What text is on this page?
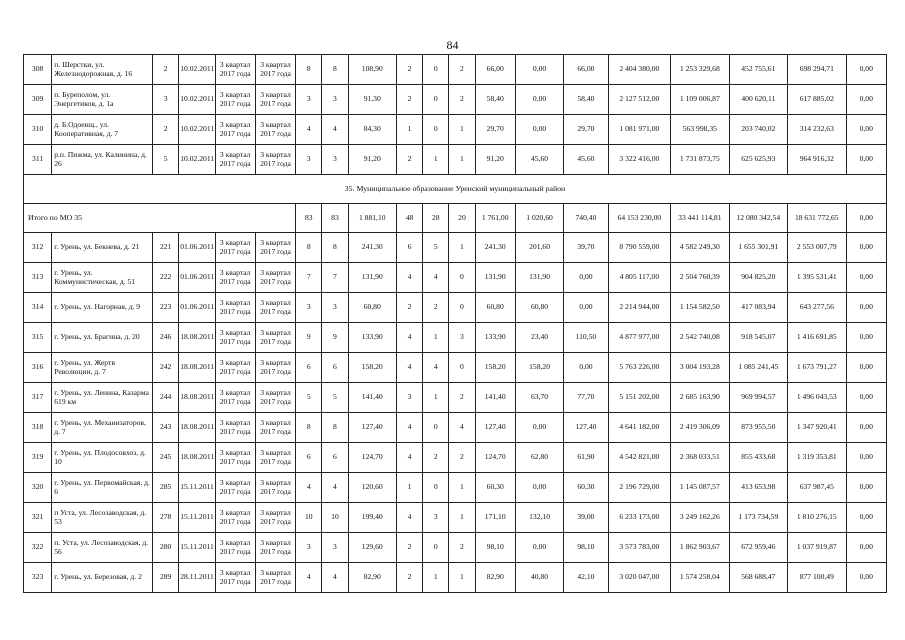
84
308	п. Шерстки, ул. Железнодорожная, д. 16	2	10.02.2011	3 квартал 2017 года	3 квартал 2017 года	8	8	108,90	2	0	2	66,00	0,00	66,00	2 404 380,00	1 253 329,68	452 755,61	698 294,71	0,00
309	п. Буреполом, ул. Энергетиков, д. 1а	3	10.02.2011	3 квартал 2017 года	3 квартал 2017 года	3	3	91,30	2	0	2	58,40	0,00	58,40	2 127 512,00	1 109 006,87	400 620,11	617 885,02	0,00
310	д. Б.Одоевщ., ул. Кооперативная, д. 7	2	10.02.2011	3 квартал 2017 года	3 квартал 2017 года	4	4	84,30	1	0	1	29,70	0,00	29,70	1 081 971,00	563 998,35	203 740,02	314 232,63	0,00
311	р.п. Пижма, ул. Калинина, д. 26	5	10.02.2011	3 квартал 2017 года	3 квартал 2017 года	3	3	91,20	2	1	1	91,20	45,60	45,60	3 322 416,00	1 731 873,75	625 625,93	964 916,32	0,00
35. Муниципальное образование Уренский муниципальный район																			
Итого по МО 35						83	83	1 881,10	48	28	20	1 761,00	1 020,60	740,40	64 153 230,00	33 441 114,81	12 080 342,54	18 631 772,65	0,00
312	г. Урень, ул. Бекнева, д. 21	221	01.06.2011	3 квартал 2017 года	3 квартал 2017 года	8	8	241,30	6	5	1	241,30	201,60	39,70	8 790 559,00	4 582 249,30	1 655 301,91	2 553 007,79	0,00
313	г. Урень, ул. Коммунистическая, д. 51	222	01.06.2011	3 квартал 2017 года	3 квартал 2017 года	7	7	131,90	4	4	0	131,90	131,90	0,00	4 805 117,00	2 504 760,39	904 825,20	1 395 531,41	0,00
314	г. Урень, ул. Нагорная, д. 9	223	01.06.2011	3 квартал 2017 года	3 квартал 2017 года	3	3	60,80	2	2	0	60,80	60,80	0,00	2 214 944,00	1 154 582,50	417 083,94	643 277,56	0,00
315	г. Урень, ул. Брагина, д. 20	246	18.08.2011	3 квартал 2017 года	3 квартал 2017 года	9	9	133,90	4	1	3	133,90	23,40	110,50	4 877 977,00	2 542 740,08	918 545,07	1 416 691,85	0,00
316	г. Урень, ул. Жертв Революции, д. 7	242	18.08.2011	3 квартал 2017 года	3 квартал 2017 года	6	6	158,20	4	4	0	158,20	158,20	0,00	5 763 226,00	3 004 193,28	1 085 241,45	1 673 791,27	0,00
317	г. Урень, ул. Ленина, Казарма 619 км	244	18.08.2011	3 квартал 2017 года	3 квартал 2017 года	5	5	141,40	3	1	2	141,40	63,70	77,70	5 151 202,00	2 685 163,90	969 994,57	1 496 043,53	0,00
318	г. Урень, ул. Механизаторов, д. 7	243	18.08.2011	3 квартал 2017 года	3 квартал 2017 года	8	8	127,40	4	0	4	127,40	0,00	127,40	4 641 182,00	2 419 306,09	873 955,50	1 347 920,41	0,00
319	г. Урень, ул. Плодосовхоз, д. 10	245	18.08.2011	3 квартал 2017 года	3 квартал 2017 года	6	6	124,70	4	2	2	124,70	62,80	61,90	4 542 821,00	2 368 033,51	855 433,68	1 319 353,81	0,00
320	г. Урень, ул. Первомайская, д. 6	285	15.11.2011	3 квартал 2017 года	3 квартал 2017 года	4	4	120,60	1	0	1	60,30	0,00	60,30	2 196 729,00	1 145 087,57	413 653,98	637 987,45	0,00
321	п Уста, ул. Лесозаводская, д. 53	278	15.11.2011	3 квартал 2017 года	3 квартал 2017 года	10	10	199,40	4	3	1	171,10	132,10	39,00	6 233 173,00	3 249 162,26	1 173 734,59	1 810 276,15	0,00
322	п. Уста, ул. Лесозаводская, д. 56	280	15.11.2011	3 квартал 2017 года	3 квартал 2017 года	3	3	129,60	2	0	2	98,10	0,00	98,10	3 573 783,00	1 862 903,67	672 959,46	1 037 919,87	0,00
323	г. Урень, ул. Березовая, д. 2	289	28.11.2011	3 квартал 2017 года	3 квартал 2017 года	4	4	82,90	2	1	1	82,90	40,80	42,10	3 020 047,00	1 574 258,04	568 688,47	877 100,49	0,00
